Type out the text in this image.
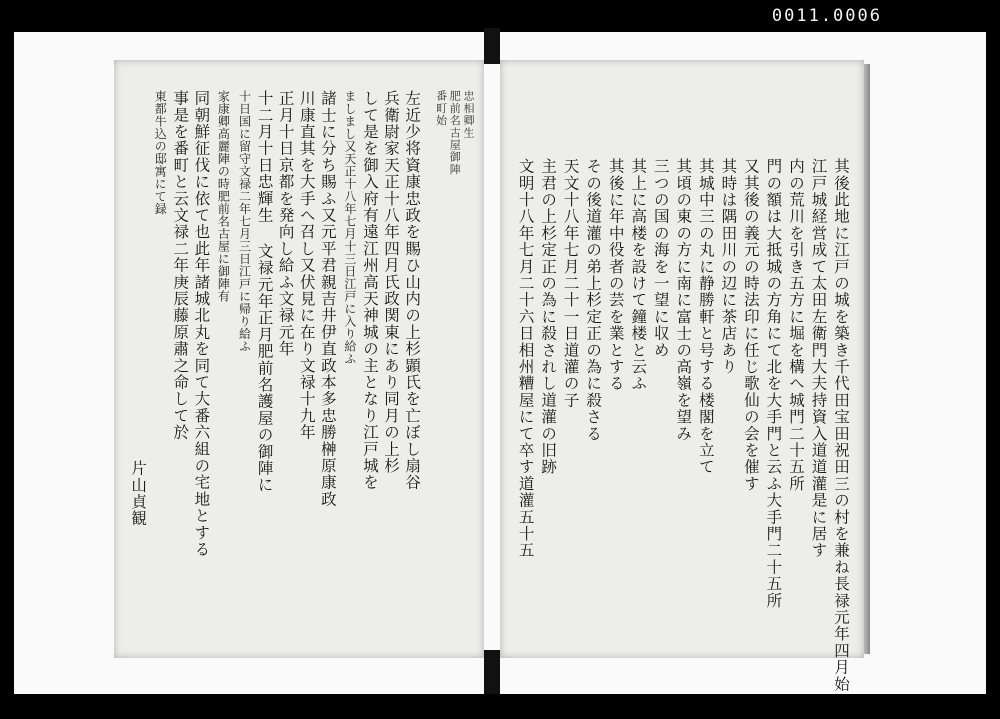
0011.0006
忠相卿生
肥前名古屋御陣
番町始
左近少将資康忠政を賜ひ山内の上杉顕氏を亡ぼし扇谷
兵衛尉家天正十八年四月氏政関東にあり同月の上杉
して是を御入府有遠江州高天神城の主となり江戸城を
ましまし又天正十八年七月十三日江戸に入り給ふ
諸士に分ち賜ふ又元平君親吉井伊直政本多忠勝榊原康政
川康直其を大手へ召し又伏見に在り文禄十九年
正月十日京都を発向し給ふ文禄元年
十二月十日忠輝生 文禄元年正月肥前名護屋の御陣に
十日国に留守文禄二年七月三日江戸に帰り給ふ
家康卿高麗陣の時肥前名古屋に御陣有
同朝鮮征伐に依て也此年諸城北丸を同て大番六組の宅地とする
事是を番町と云文禄二年庚辰藤原肅之命して於
東都牛込の邸寓にて録
片山貞観	其後此地に江戸の城を築き千代田宝田祝田三の村を兼ね長禄元年四月始
江戸城経営成て太田左衛門大夫持資入道道灌是に居す
内の荒川を引き五方に堀を構へ城門二十五所
門の額は大抵城の方角にて北を大手門と云ふ大手門二十五所
又其後の義元の時法印に任じ歌仙の会を催す
其時は隅田川の辺に茶店あり
其城中三の丸に静勝軒と号する楼閣を立て
其頃の東の方に南に富士の高嶺を望み
三つの国の海を一望に収め
其上に高楼を設けて鐘楼と云ふ
其後に年中役者の芸を業とする
その後道灌の弟上杉定正の為に殺さる
天文十八年七月二十一日道灌の子
主君の上杉定正の為に殺されし道灌の旧跡
文明十八年七月二十六日相州糟屋にて卒す道灌五十五
